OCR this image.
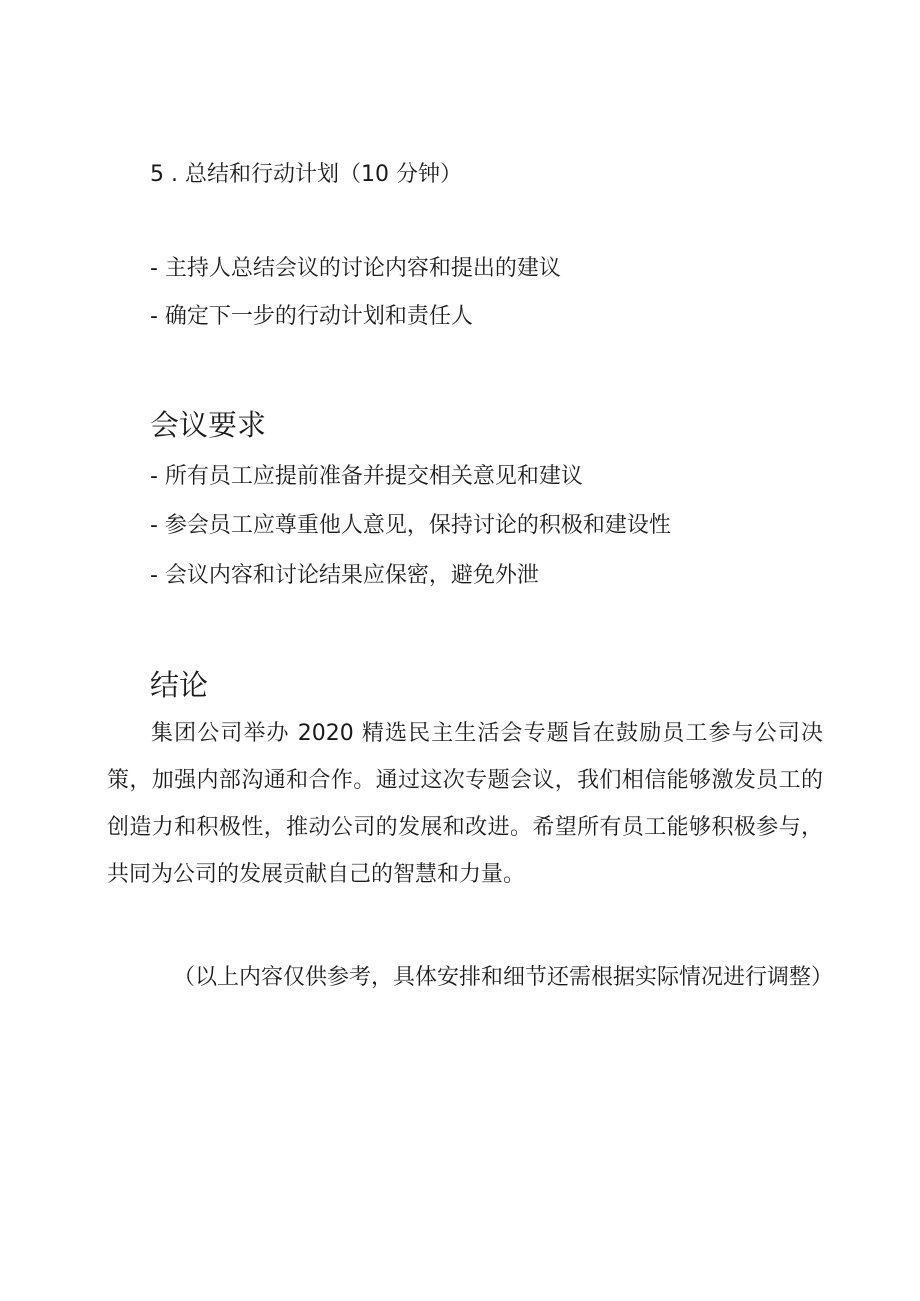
5 . 总结和行动计划（10 分钟）
- 主持人总结会议的讨论内容和提出的建议
- 确定下一步的行动计划和责任人
会议要求
- 所有员工应提前准备并提交相关意见和建议
- 参会员工应尊重他人意见，保持讨论的积极和建设性
- 会议内容和讨论结果应保密，避免外泄
结论

集团公司举办 2020 精选民主生活会专题旨在鼓励员工参与公司决策，加强内部沟通和合作。通过这次专题会议，我们相信能够激发员工的创造力和积极性，推动公司的发展和改进。希望所有员工能够积极参与，共同为公司的发展贡献自己的智慧和力量。

（以上内容仅供参考，具体安排和细节还需根据实际情况进行调整）
